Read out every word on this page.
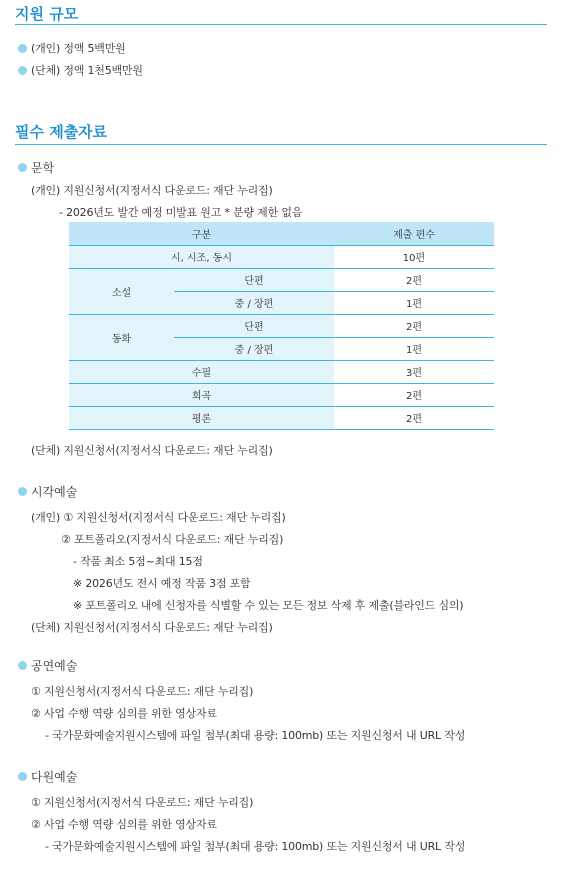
지원 규모
(개인) 정액 5백만원
(단체) 정액 1천5백만원
필수 제출자료
문학
(개인) 지원신청서(지정서식 다운로드: 재단 누리집)
- 2026년도 발간 예정 미발표 원고 * 분량 제한 없음
구분	제출 편수
시, 시조, 동시	10편
소설
단편	2편
중 / 장편	1편
동화
단편	2편
중 / 장편	1편
수필	3편
희곡	2편
평론	2편
(단체) 지원신청서(지정서식 다운로드: 재단 누리집)
시각예술
(개인) ① 지원신청서(지정서식 다운로드: 재단 누리집)
② 포트폴리오(지정서식 다운로드: 재단 누리집)
- 작품 최소 5점~최대 15점
※ 2026년도 전시 예정 작품 3점 포함
※ 포트폴리오 내에 신청자를 식별할 수 있는 모든 정보 삭제 후 제출(블라인드 심의)
(단체) 지원신청서(지정서식 다운로드: 재단 누리집)
공연예술
① 지원신청서(지정서식 다운로드: 재단 누리집)
② 사업 수행 역량 심의를 위한 영상자료
- 국가문화예술지원시스템에 파일 첨부(최대 용량: 100mb) 또는 지원신청서 내 URL 작성
다원예술
① 지원신청서(지정서식 다운로드: 재단 누리집)
② 사업 수행 역량 심의를 위한 영상자료
- 국가문화예술지원시스템에 파일 첨부(최대 용량: 100mb) 또는 지원신청서 내 URL 작성
